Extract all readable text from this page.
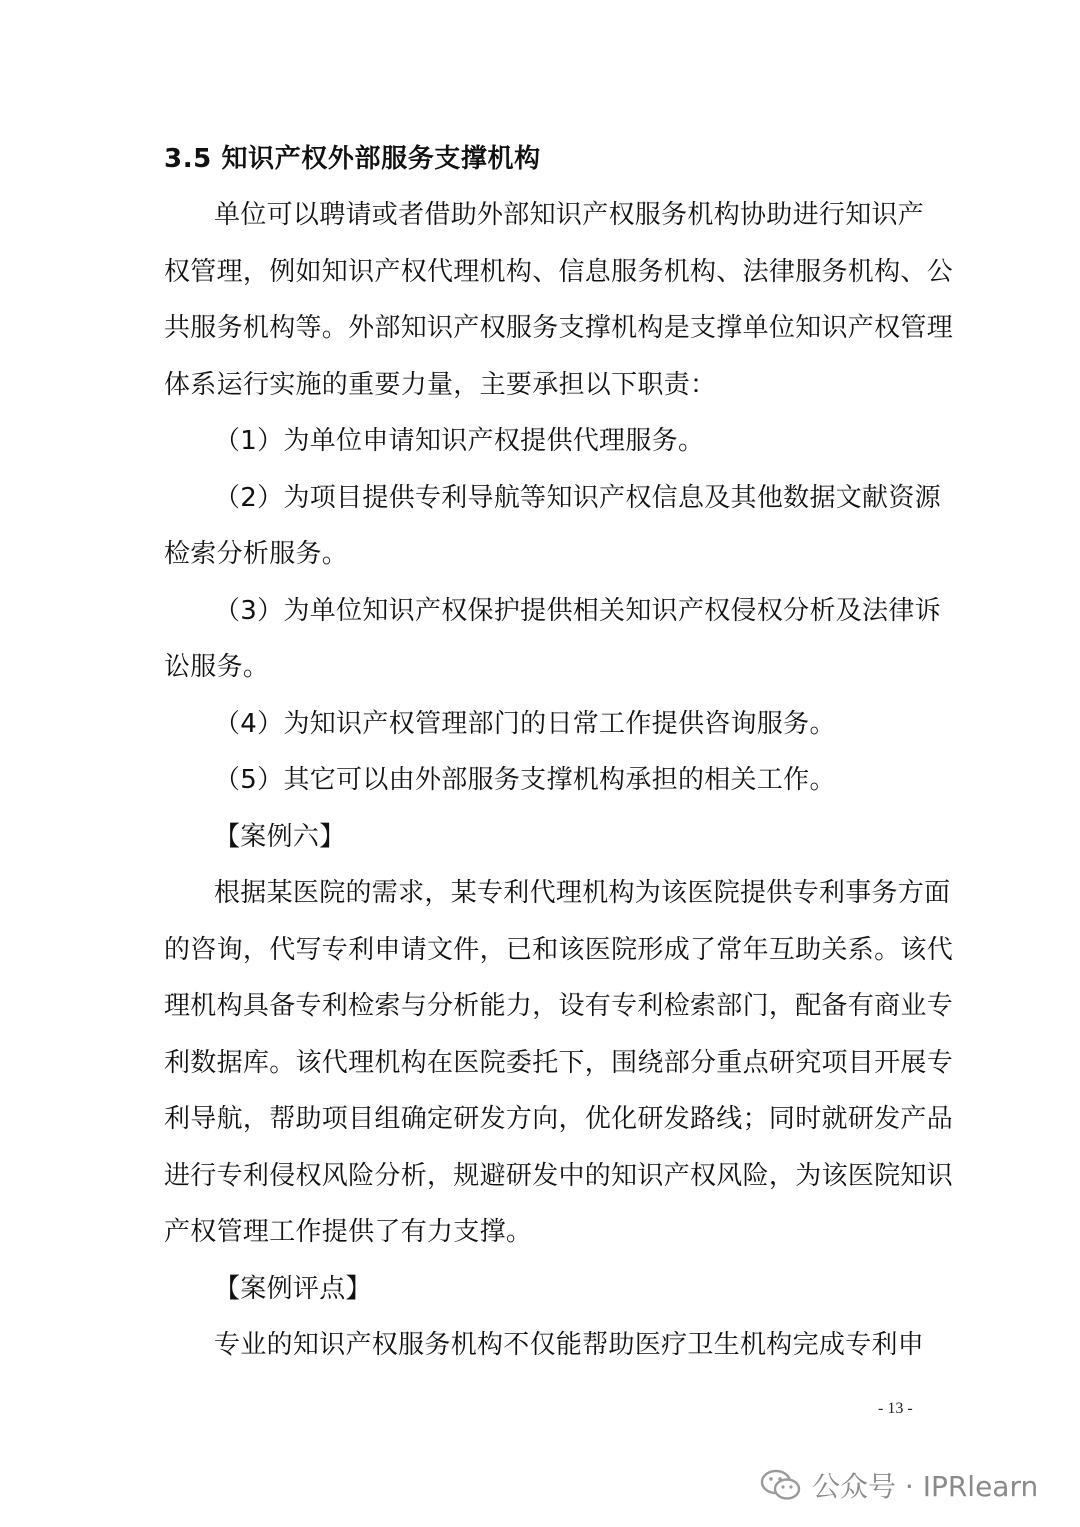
3.5 知识产权外部服务支撑机构
单位可以聘请或者借助外部知识产权服务机构协助进行知识产
权管理，例如知识产权代理机构、信息服务机构、法律服务机构、公
共服务机构等。外部知识产权服务支撑机构是支撑单位知识产权管理
体系运行实施的重要力量，主要承担以下职责：
（1）为单位申请知识产权提供代理服务。
（2）为项目提供专利导航等知识产权信息及其他数据文献资源
检索分析服务。
（3）为单位知识产权保护提供相关知识产权侵权分析及法律诉
讼服务。
（4）为知识产权管理部门的日常工作提供咨询服务。
（5）其它可以由外部服务支撑机构承担的相关工作。
【案例六】
根据某医院的需求，某专利代理机构为该医院提供专利事务方面
的咨询，代写专利申请文件，已和该医院形成了常年互助关系。该代
理机构具备专利检索与分析能力，设有专利检索部门，配备有商业专
利数据库。该代理机构在医院委托下，围绕部分重点研究项目开展专
利导航，帮助项目组确定研发方向，优化研发路线；同时就研发产品
进行专利侵权风险分析，规避研发中的知识产权风险，为该医院知识
产权管理工作提供了有力支撑。
【案例评点】
专业的知识产权服务机构不仅能帮助医疗卫生机构完成专利申
- 13 -
公众号 · IPRlearn
